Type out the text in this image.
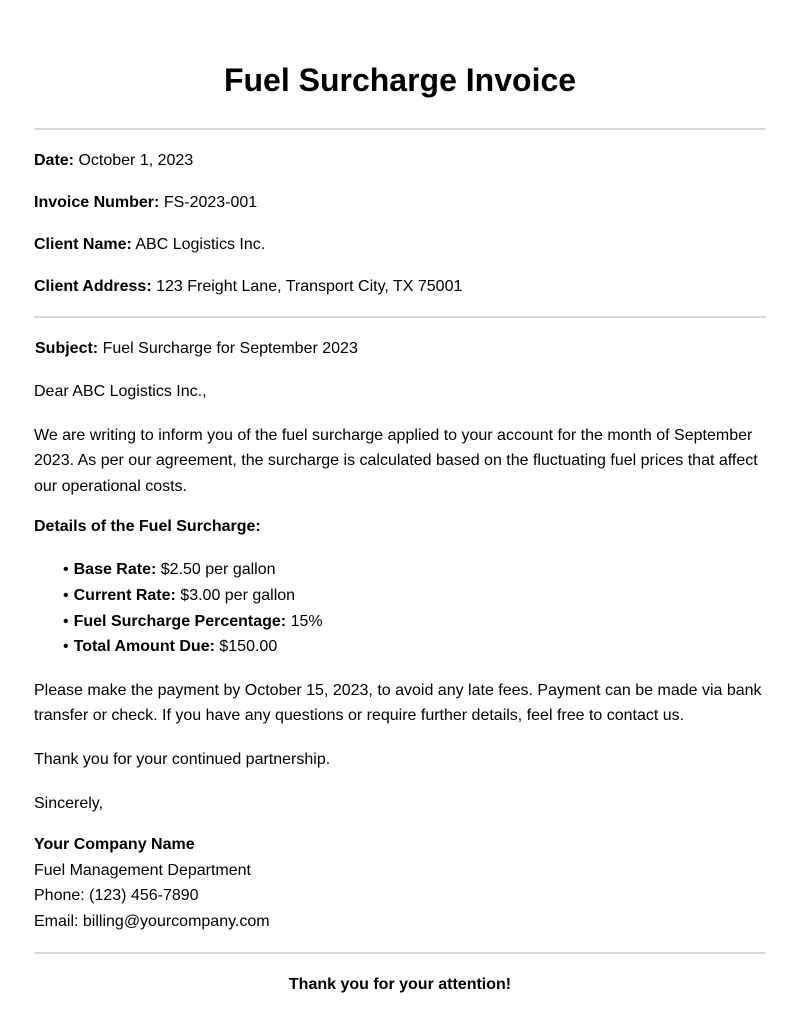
Fuel Surcharge Invoice

Date: October 1, 2023

Invoice Number: FS-2023-001

Client Name: ABC Logistics Inc.

Client Address: 123 Freight Lane, Transport City, TX 75001

Subject: Fuel Surcharge for September 2023

Dear ABC Logistics Inc.,

We are writing to inform you of the fuel surcharge applied to your account for the month of September 2023. As per our agreement, the surcharge is calculated based on the fluctuating fuel prices that affect our operational costs.

Details of the Fuel Surcharge:

• Base Rate: $2.50 per gallon
• Current Rate: $3.00 per gallon
• Fuel Surcharge Percentage: 15%
• Total Amount Due: $150.00

Please make the payment by October 15, 2023, to avoid any late fees. Payment can be made via bank transfer or check. If you have any questions or require further details, feel free to contact us.

Thank you for your continued partnership.

Sincerely,

Your Company Name
Fuel Management Department
Phone: (123) 456-7890
Email: billing@yourcompany.com
Thank you for your attention!
